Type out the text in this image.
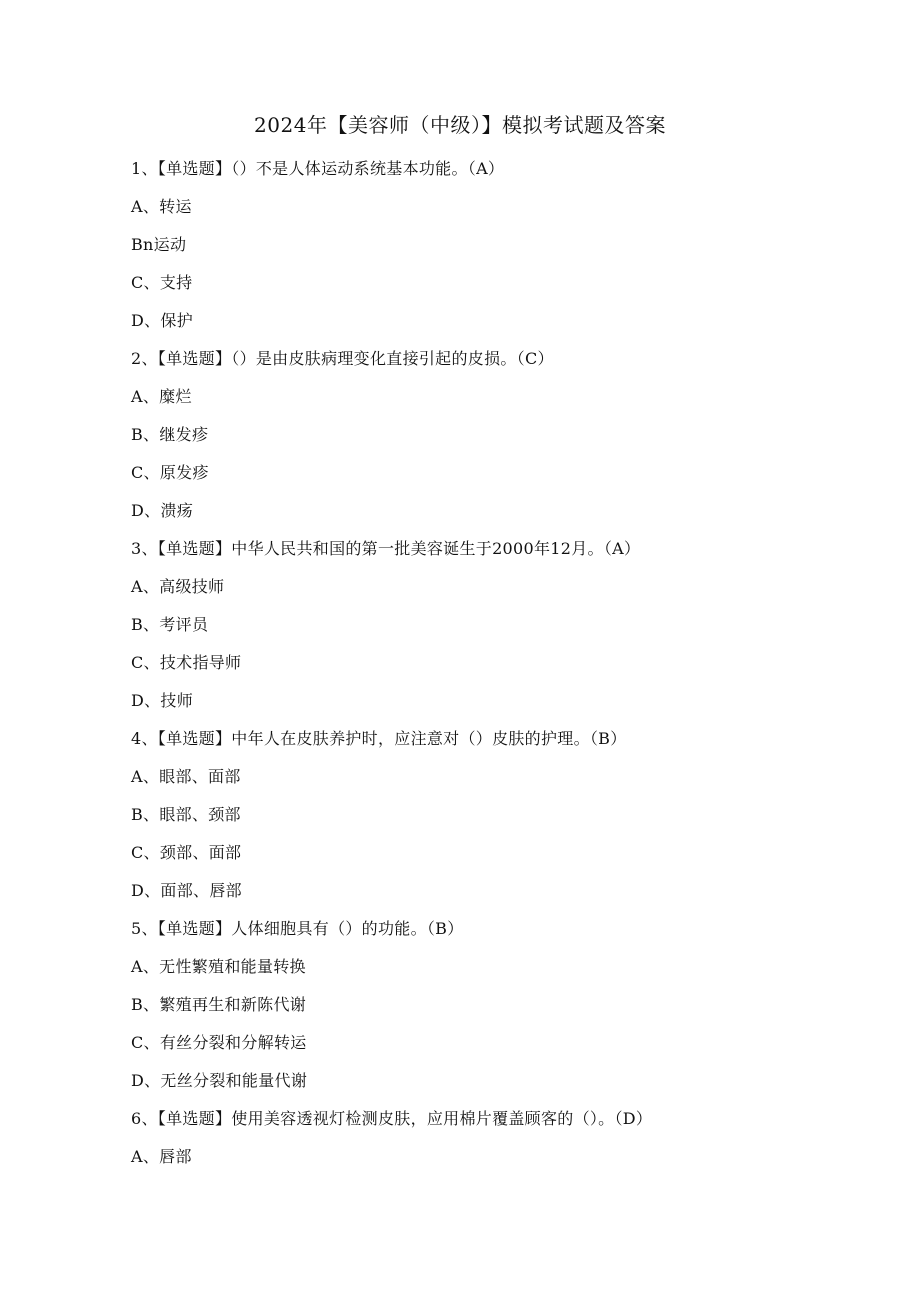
2024年【美容师（中级）】模拟考试题及答案
1、【单选题】（）不是人体运动系统基本功能。（A）
A、转运
Bn运动
C、支持
D、保护
2、【单选题】（）是由皮肤病理变化直接引起的皮损。（C）
A、糜烂
B、继发疹
C、原发疹
D、溃疡
3、【单选题】中华人民共和国的第一批美容诞生于2000年12月。（A）
A、高级技师
B、考评员
C、技术指导师
D、技师
4、【单选题】中年人在皮肤养护时，应注意对（）皮肤的护理。（B）
A、眼部、面部
B、眼部、颈部
C、颈部、面部
D、面部、唇部
5、【单选题】人体细胞具有（）的功能。（B）
A、无性繁殖和能量转换
B、繁殖再生和新陈代谢
C、有丝分裂和分解转运
D、无丝分裂和能量代谢
6、【单选题】使用美容透视灯检测皮肤，应用棉片覆盖顾客的（）。（D）
A、唇部
